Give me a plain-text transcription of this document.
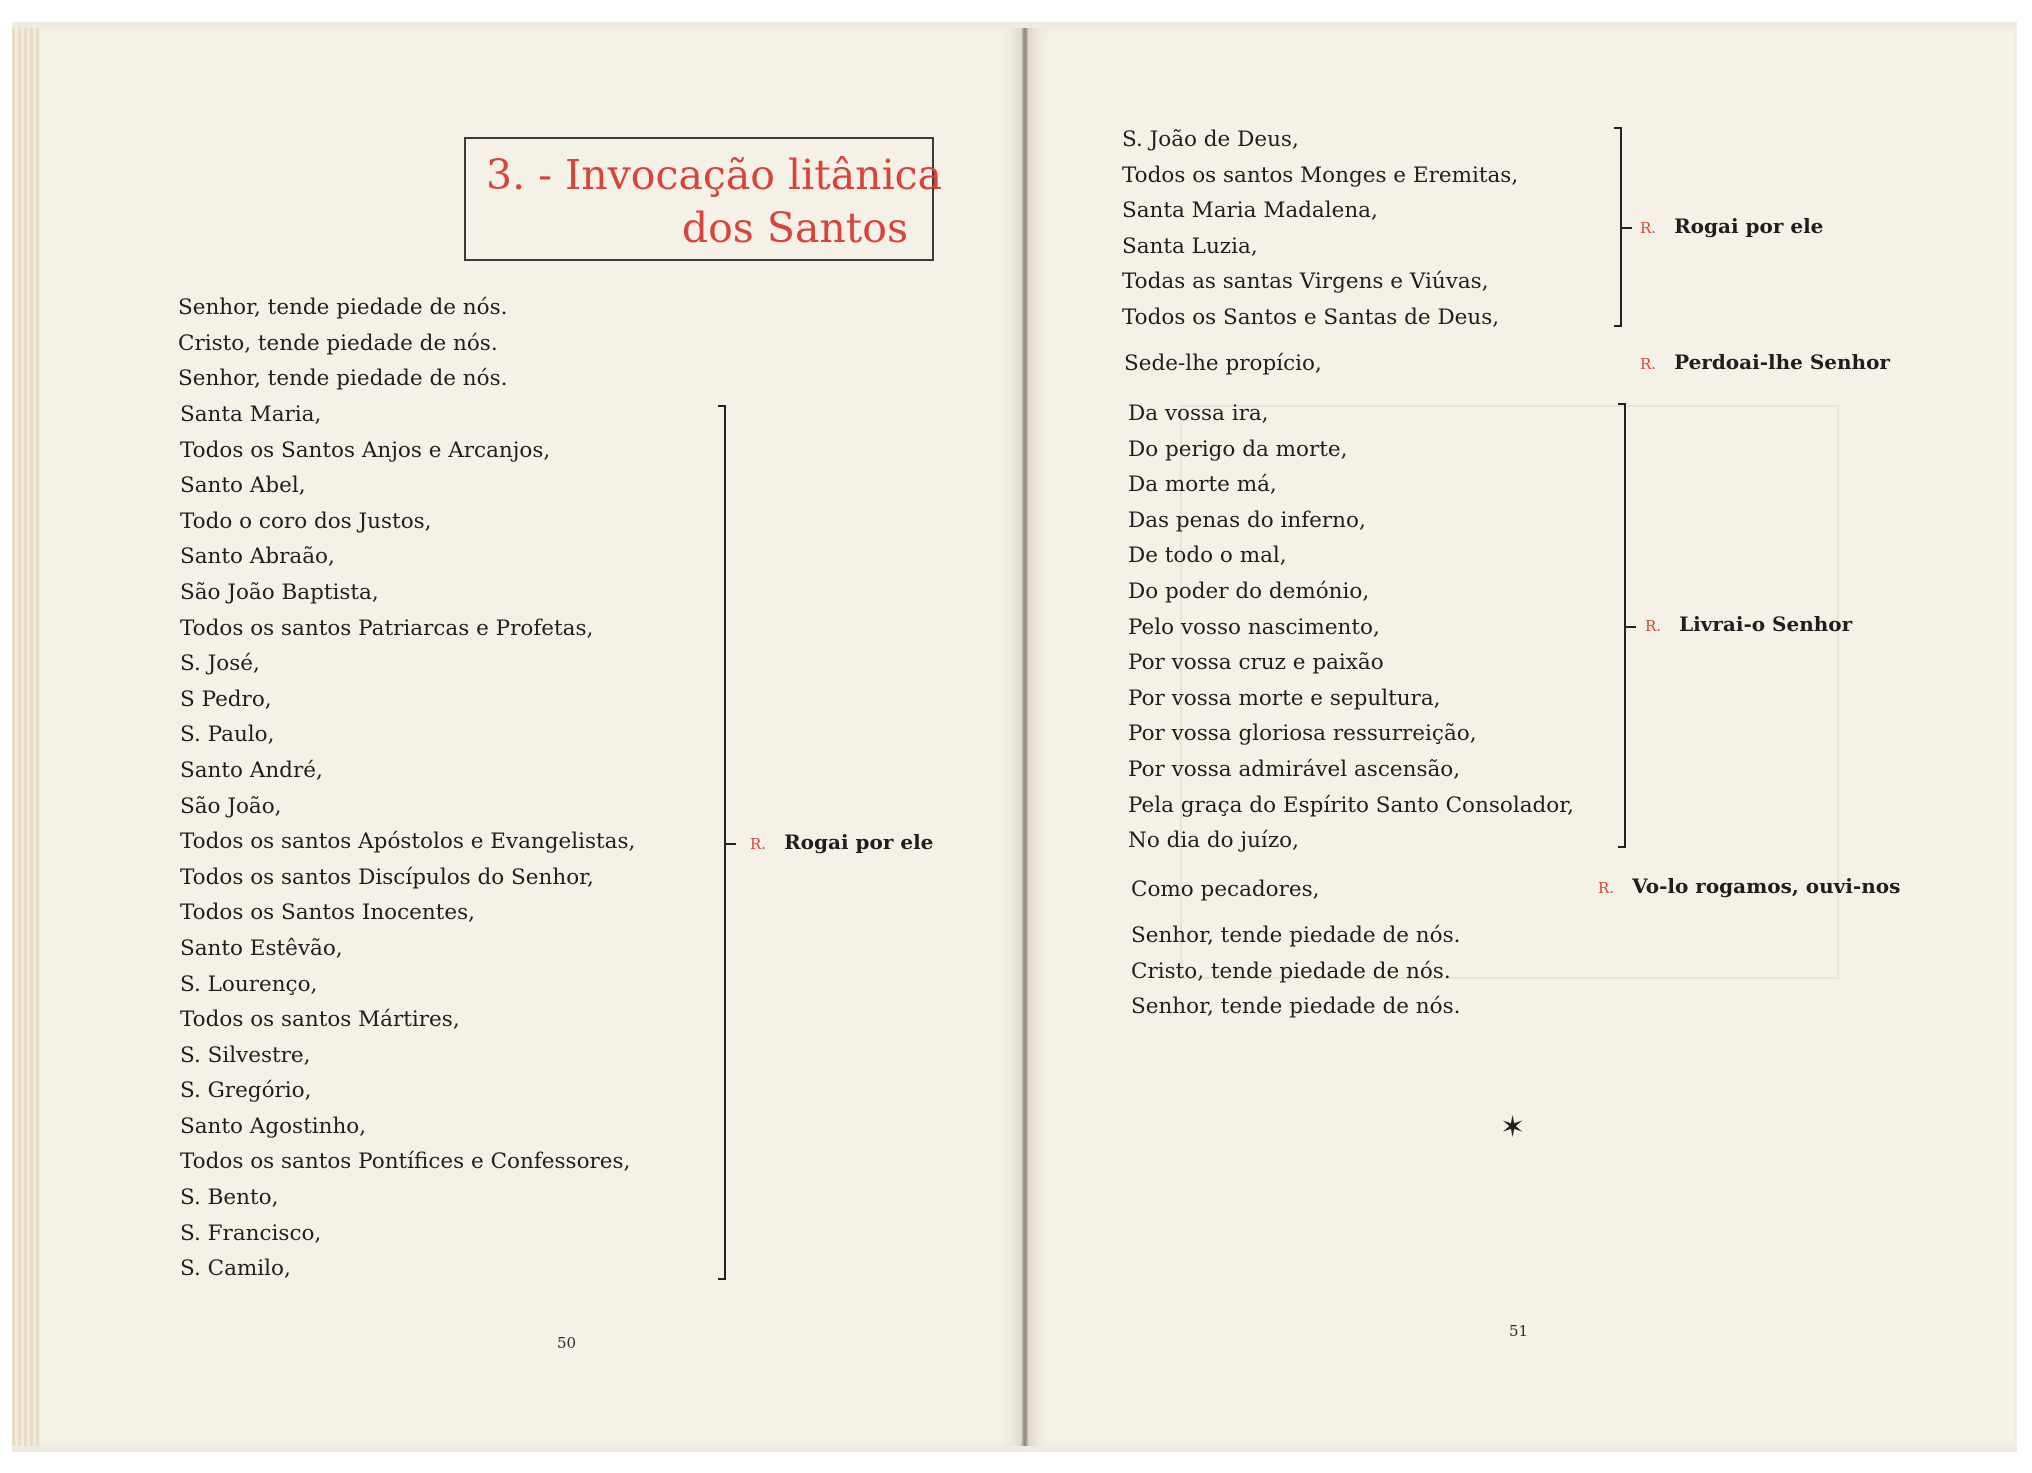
3. - Invocação litânica
dos Santos
Senhor, tende piedade de nós.
Cristo, tende piedade de nós.
Senhor, tende piedade de nós.
Santa Maria,
Todos os Santos Anjos e Arcanjos,
Santo Abel,
Todo o coro dos Justos,
Santo Abraão,
São João Baptista,
Todos os santos Patriarcas e Profetas,
S. José,
S Pedro,
S. Paulo,
Santo André,
São João,
Todos os santos Apóstolos e Evangelistas,
Todos os santos Discípulos do Senhor,
Todos os Santos Inocentes,
Santo Estêvão,
S. Lourenço,
Todos os santos Mártires,
S. Silvestre,
S. Gregório,
Santo Agostinho,
Todos os santos Pontífices e Confessores,
S. Bento,
S. Francisco,
S. Camilo,
R. Rogai por ele
50
S. João de Deus,
Todos os santos Monges e Eremitas,
Santa Maria Madalena,
Santa Luzia,
Todas as santas Virgens e Viúvas,
Todos os Santos e Santas de Deus,
R. Rogai por ele
Sede-lhe propício,	R. Perdoai-lhe Senhor
Da vossa ira,
Do perigo da morte,
Da morte má,
Das penas do inferno,
De todo o mal,
Do poder do demónio,
Pelo vosso nascimento,
Por vossa cruz e paixão
Por vossa morte e sepultura,
Por vossa gloriosa ressurreição,
Por vossa admirável ascensão,
Pela graça do Espírito Santo Consolador,
No dia do juízo,
R. Livrai-o Senhor
Como pecadores,	R. Vo-lo rogamos, ouvi-nos
Senhor, tende piedade de nós.
Cristo, tende piedade de nós.
Senhor, tende piedade de nós.
✶
51
